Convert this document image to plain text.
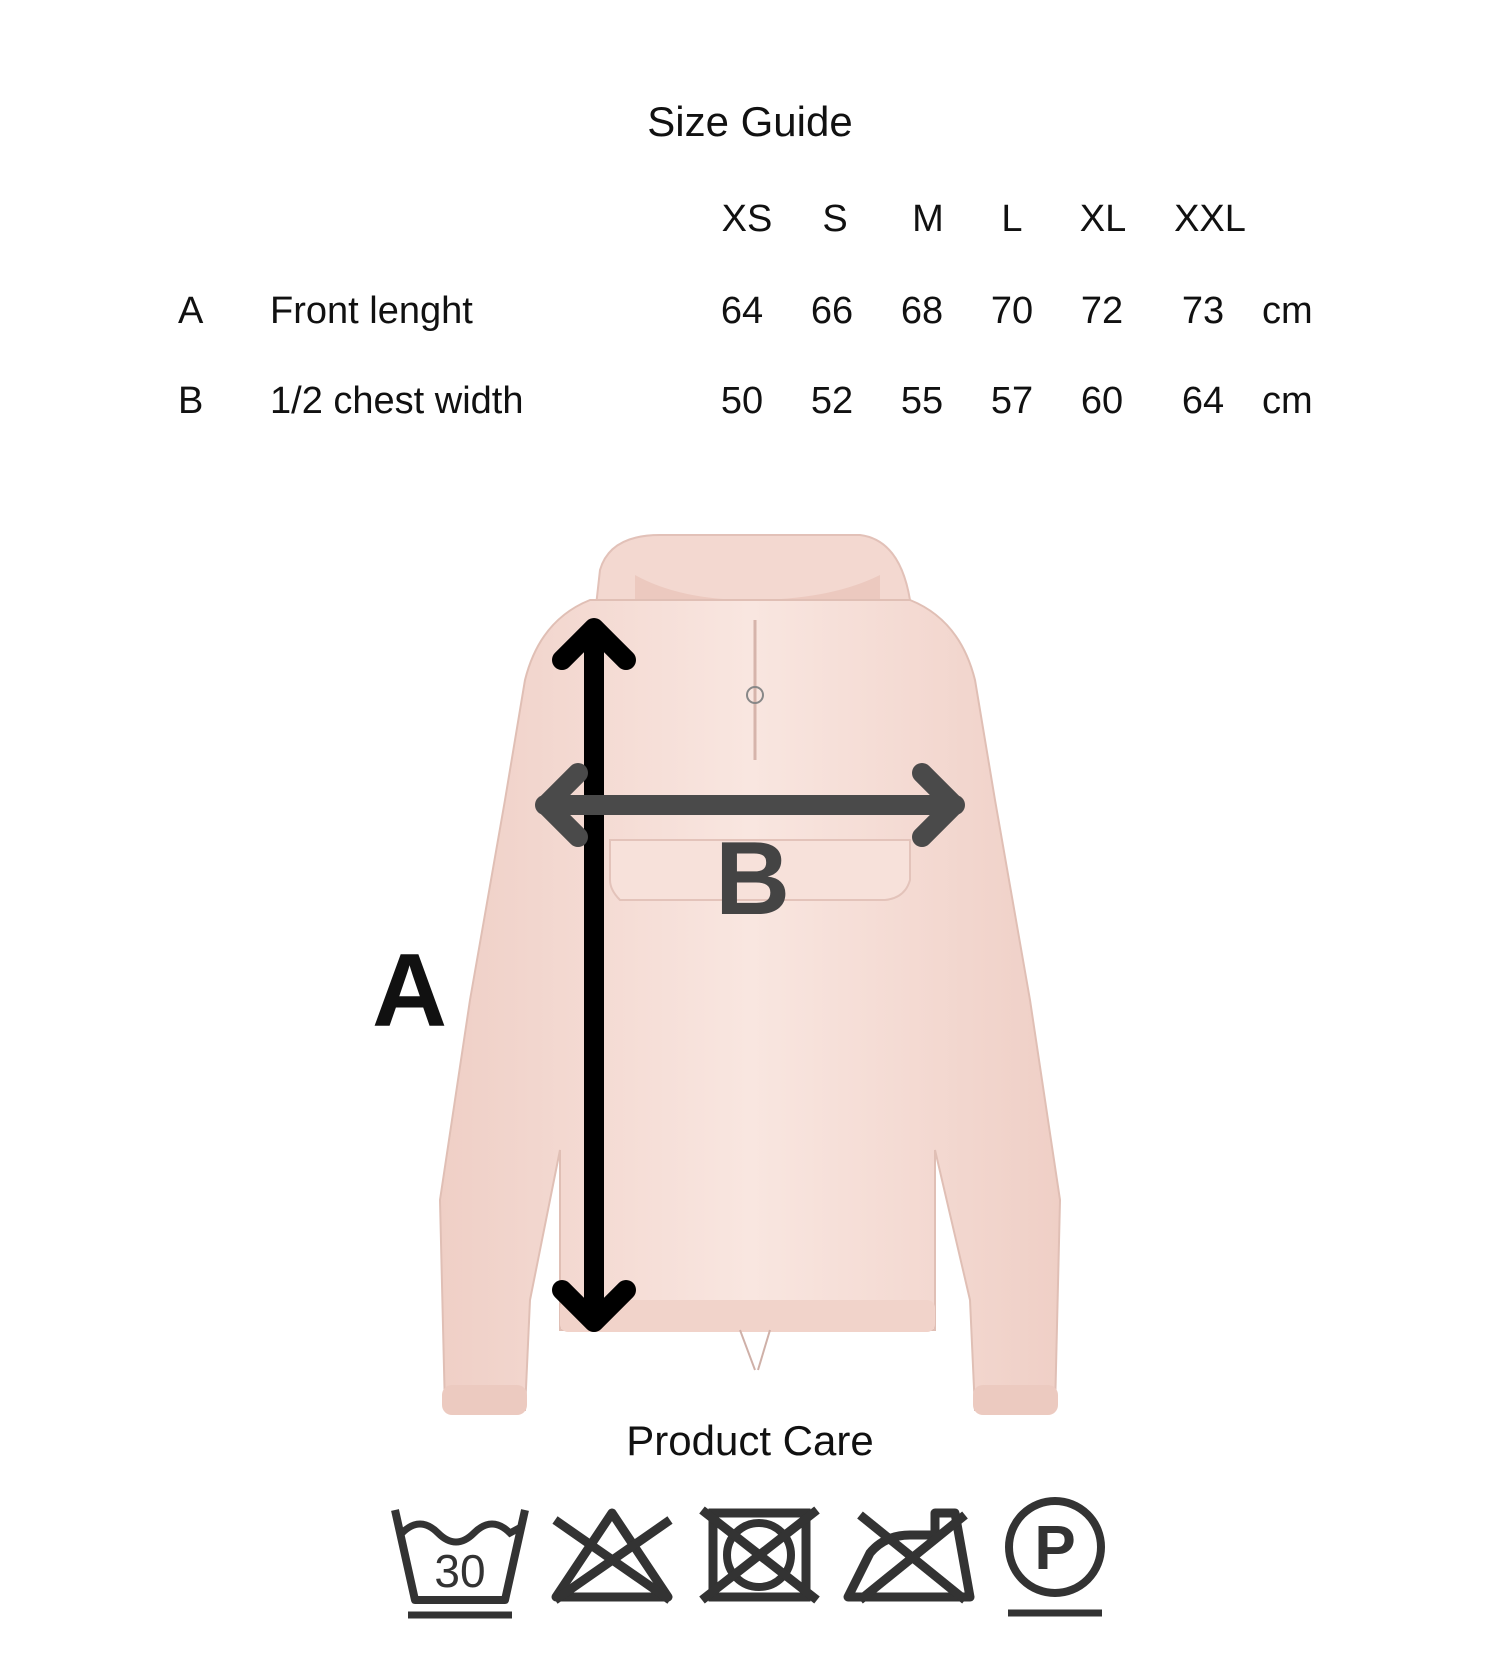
Size Guide
XS	S	M	L	XL	XXL
A Front lenght	64	66	68	70	72	73 cm
B 1/2 chest width	50	52	55	57	60	64 cm
A
B
Product Care
30	P
